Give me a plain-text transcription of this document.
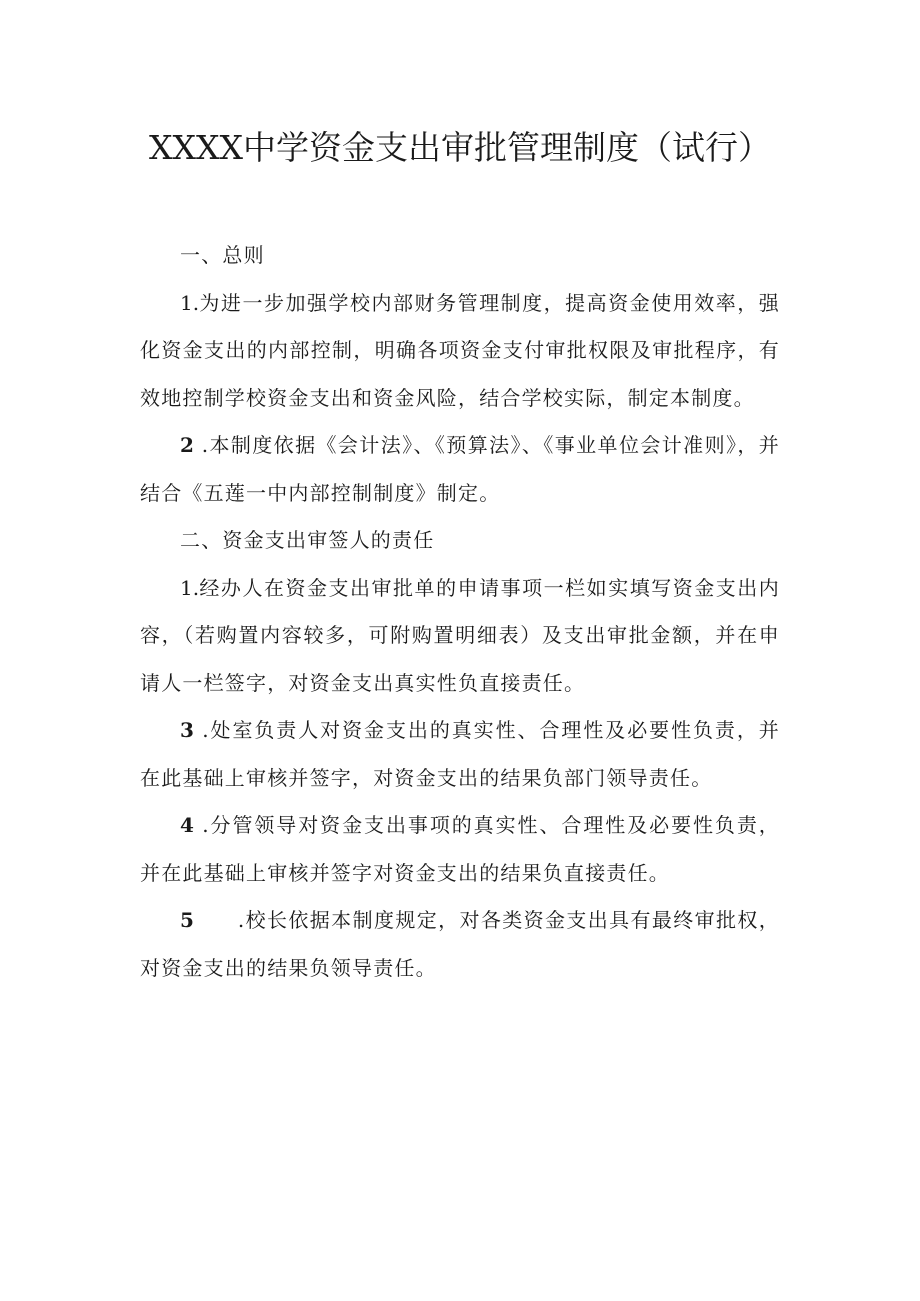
XXXX中学资金支出审批管理制度（试行）

一、总则

1.为进一步加强学校内部财务管理制度，提高资金使用效率，强化资金支出的内部控制，明确各项资金支付审批权限及审批程序，有效地控制学校资金支出和资金风险，结合学校实际，制定本制度。

2 .本制度依据《会计法》、《预算法》、《事业单位会计准则》，并结合《五莲一中内部控制制度》制定。

二、资金支出审签人的责任

1.经办人在资金支出审批单的申请事项一栏如实填写资金支出内容，（若购置内容较多，可附购置明细表）及支出审批金额，并在申请人一栏签字，对资金支出真实性负直接责任。

3 .处室负责人对资金支出的真实性、合理性及必要性负责，并在此基础上审核并签字，对资金支出的结果负部门领导责任。

4 .分管领导对资金支出事项的真实性、合理性及必要性负责，并在此基础上审核并签字对资金支出的结果负直接责任。

5 .校长依据本制度规定，对各类资金支出具有最终审批权，对资金支出的结果负领导责任。
